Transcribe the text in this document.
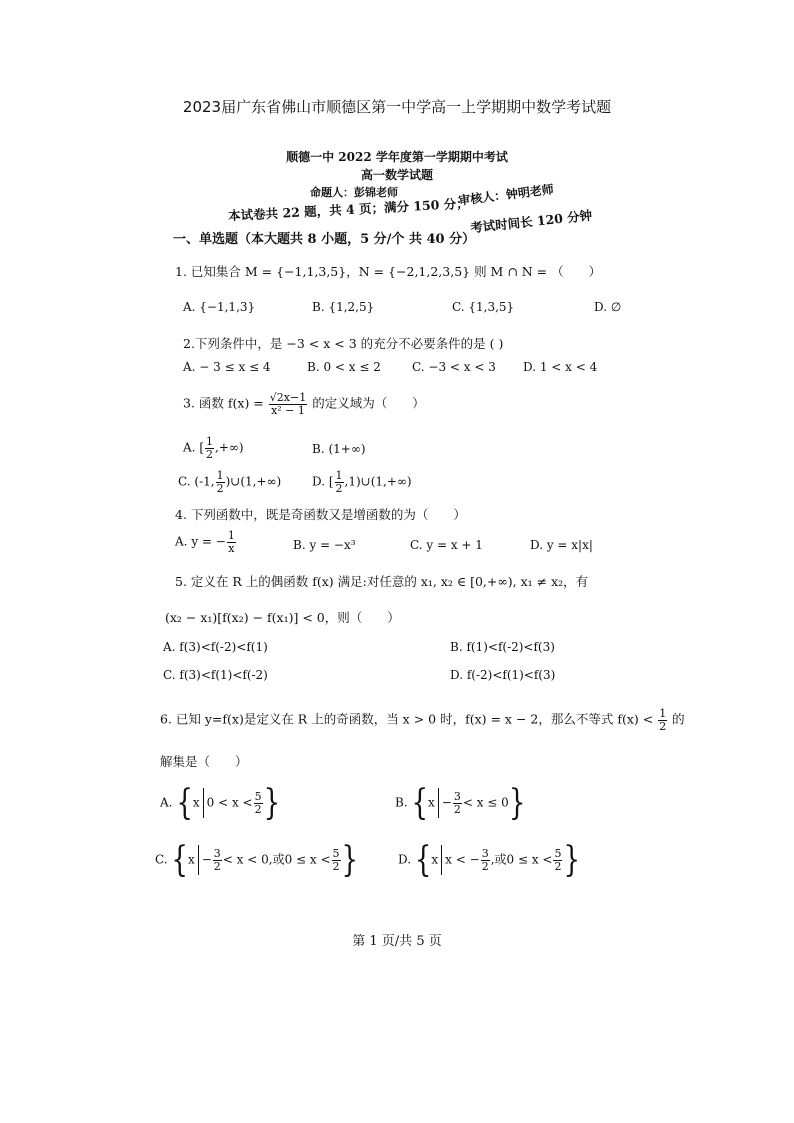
2023届广东省佛山市顺德区第一中学高一上学期期中数学考试题
顺德一中 2022 学年度第一学期期中考试
高一数学试题
命题人：彭锦老师	审核人：钟明老师
本试卷共 22 题，共 4 页；满分 150 分； 考试时间长 120 分钟
一、单选题（本大题共 8 小题，5 分/个 共 40 分）
1. 已知集合 M = {−1,1,3,5}，N = {−2,1,2,3,5} 则 M ∩ N = （　　）
A. {−1,1,3}	B. {1,2,5}	C. {1,3,5}	D. ∅
2.下列条件中，是 −3 < x < 3 的充分不必要条件的是 ( )
A. − 3 ≤ x ≤ 4	B. 0 < x ≤ 2	C. −3 < x < 3 D. 1 < x < 4
3. 函数 $f(x) = \frac{√2x-1}{\text{x² − 1}}$ 的定义域为（　　）
A. [ $\frac{1}{2}$ ,+∞)	B. (1+∞)
C. (-1, $\frac{1}{2}$ )∪(1,+∞)	D. [ $\frac{1}{2}$ ,1)∪(1,+∞)
4. 下列函数中，既是奇函数又是增函数的为（　　）
A. y = − $\frac{1}{x}$	B. y = −x³	C. y = x + 1	D. y = x|x|
5. 定义在 R 上的偶函数 f(x) 满足:对任意的 x₁, x₂ ∈ [0,+∞), x₁ ≠ x₂，有
(x₂ − x₁)[f(x₂) − f(x₁)] < 0，则（　　）
A. f(3)<f(-2)<f(1)	B. f(1)<f(-2)<f(3)
C. f(3)<f(1)<f(-2)	D. f(-2)<f(1)<f(3)
6. 已知 y=f(x)是定义在 R 上的奇函数，当 x > 0 时，f(x) = x − 2，那么不等式 $f(x) < \frac{1}{2}$ 的
解集是（　　）
A. {x $0 < x < \frac{5}{2}$ }	B. $\{x - \frac{3}{2} < x \le 0\}$
C. {$x - \frac{3}{2} < x < 0$,或$0 \le x < \frac{5}{2}$ }	D. {x x < − $\frac{3}{2}$ ,或$0 \le x < \frac{5}{2}$ }
第 1 页/共 5 页
